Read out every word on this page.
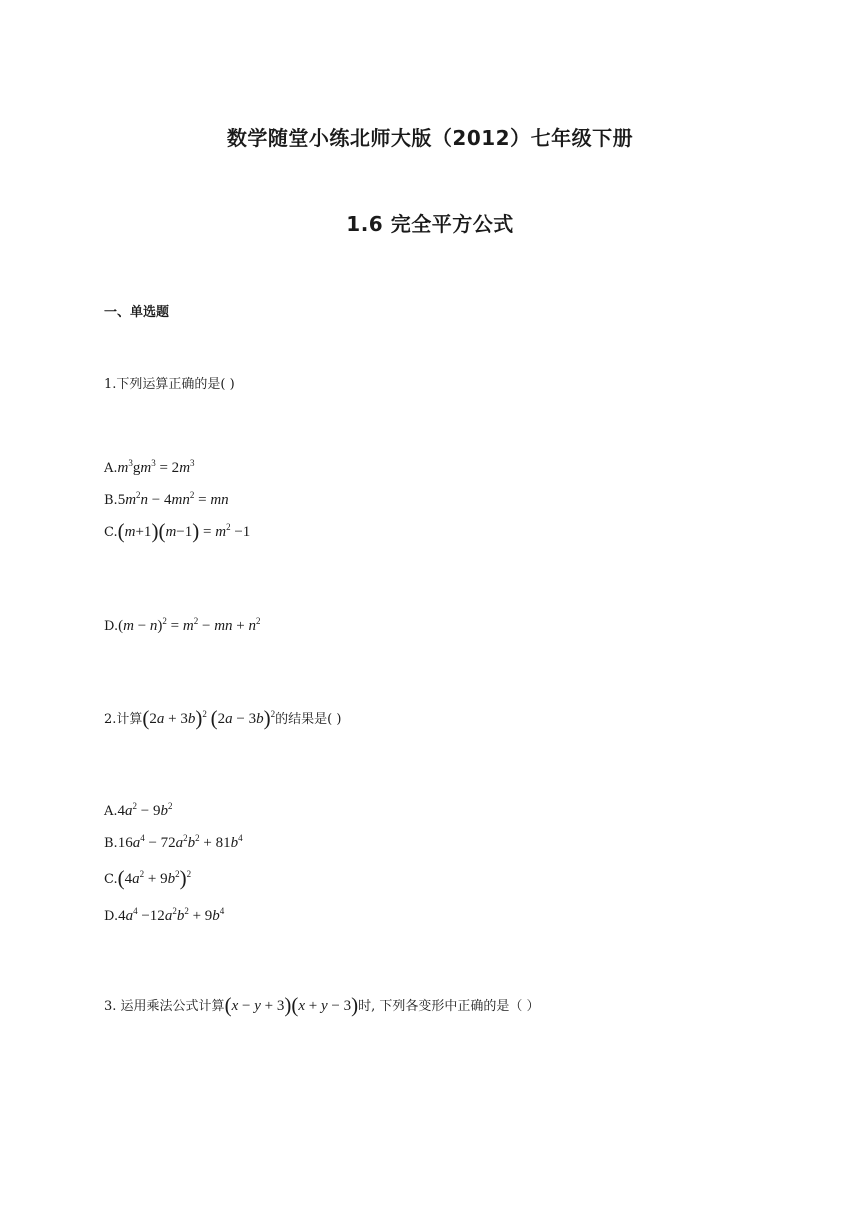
数学随堂小练北师大版（2012）七年级下册
1.6 完全平方公式
一、单选题
1.下列运算正确的是( )
$A.m^3gm^3 = 2m^3$
$B.5m^2n - 4mn^2$ = mn
$C.(m+1)(m-1) = m^2 -1$
$D.(m - n)^2 = m^2$ − mn + $n^2$
2.计算$(2a + 3b)^2$ $(2a - 3b)^2$的结果是( )
$A.4a^2 - 9b^2$
$B.16a^4 - 72a^2b^2 + 81b^4$
$C.(4a^2 + 9b^2)^2$
$D.4a^4 -12a^2b^2 + 9b^4$
3. 运用乘法公式计算(x − y + 3)(x + y − 3)时, 下列各变形中正确的是（ ）
